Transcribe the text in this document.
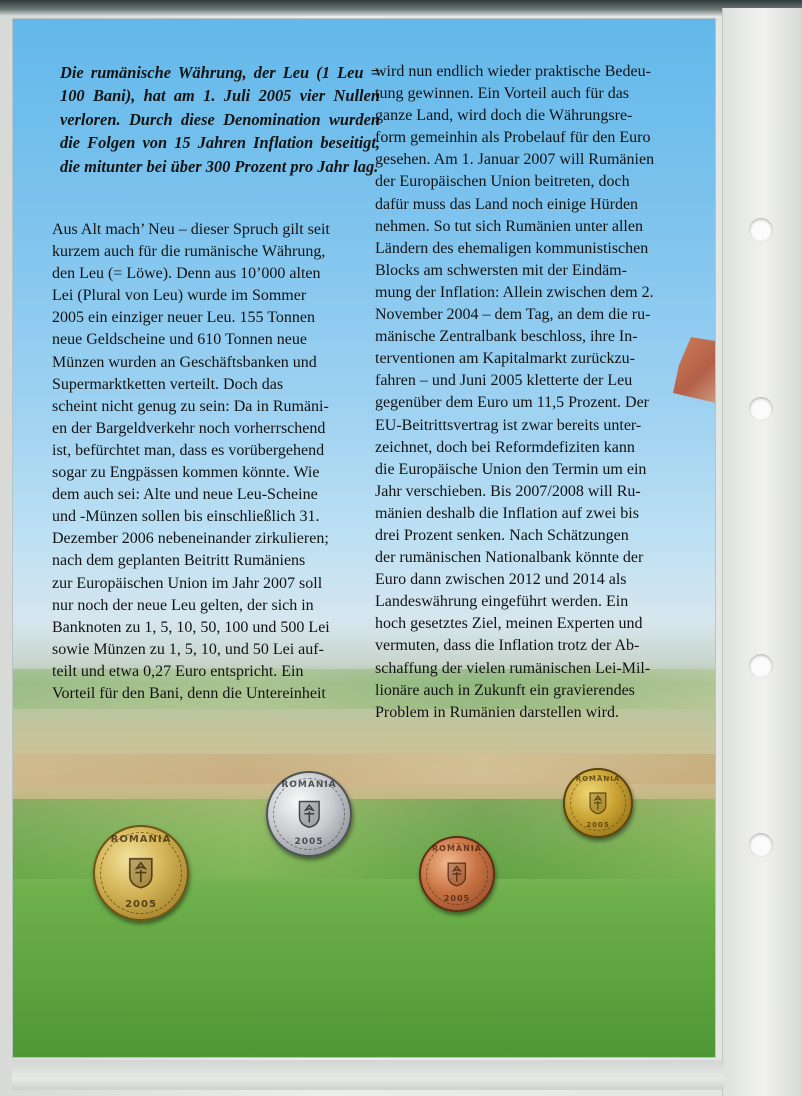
Die rumänische Währung, der Leu (1 Leu = 100 Bani), hat am 1. Juli 2005 vier Nullen verloren. Durch diese Denomination wurden die Folgen von 15 Jahren Inflation beseitigt, die mitunter bei über 300 Prozent pro Jahr lag.

Aus Alt mach’ Neu – dieser Spruch gilt seit

kurzem auch für die rumänische Währung,

den Leu (= Löwe). Denn aus 10’000 alten

Lei (Plural von Leu) wurde im Sommer

2005 ein einziger neuer Leu. 155 Tonnen

neue Geldscheine und 610 Tonnen neue

Münzen wurden an Geschäftsbanken und

Supermarktketten verteilt. Doch das

scheint nicht genug zu sein: Da in Rumäni-

en der Bargeldverkehr noch vorherrschend

ist, befürchtet man, dass es vorübergehend

sogar zu Engpässen kommen könnte. Wie

dem auch sei: Alte und neue Leu-Scheine

und -Münzen sollen bis einschließlich 31.

Dezember 2006 nebeneinander zirkulieren;

nach dem geplanten Beitritt Rumäniens

zur Europäischen Union im Jahr 2007 soll

nur noch der neue Leu gelten, der sich in

Banknoten zu 1, 5, 10, 50, 100 und 500 Lei

sowie Münzen zu 1, 5, 10, und 50 Lei auf-

teilt und etwa 0,27 Euro entspricht. Ein

Vorteil für den Bani, denn die Untereinheit

wird nun endlich wieder praktische Bedeu-

tung gewinnen. Ein Vorteil auch für das

ganze Land, wird doch die Währungsre-

form gemeinhin als Probelauf für den Euro

gesehen. Am 1. Januar 2007 will Rumänien

der Europäischen Union beitreten, doch

dafür muss das Land noch einige Hürden

nehmen. So tut sich Rumänien unter allen

Ländern des ehemaligen kommunistischen

Blocks am schwersten mit der Eindäm-

mung der Inflation: Allein zwischen dem 2.

November 2004 – dem Tag, an dem die ru-

mänische Zentralbank beschloss, ihre In-

terventionen am Kapitalmarkt zurückzu-

fahren – und Juni 2005 kletterte der Leu

gegenüber dem Euro um 11,5 Prozent. Der

EU-Beitrittsvertrag ist zwar bereits unter-

zeichnet, doch bei Reformdefiziten kann

die Europäische Union den Termin um ein

Jahr verschieben. Bis 2007/2008 will Ru-

mänien deshalb die Inflation auf zwei bis

drei Prozent senken. Nach Schätzungen

der rumänischen Nationalbank könnte der

Euro dann zwischen 2012 und 2014 als

Landeswährung eingeführt werden. Ein

hoch gesetztes Ziel, meinen Experten und

vermuten, dass die Inflation trotz der Ab-

schaffung der vielen rumänischen Lei-Mil-

lionäre auch in Zukunft ein gravierendes

Problem in Rumänien darstellen wird.

ROMANIA
2005
ROMANIA
2005
ROMANIA
2005
ROMANIA
2005
